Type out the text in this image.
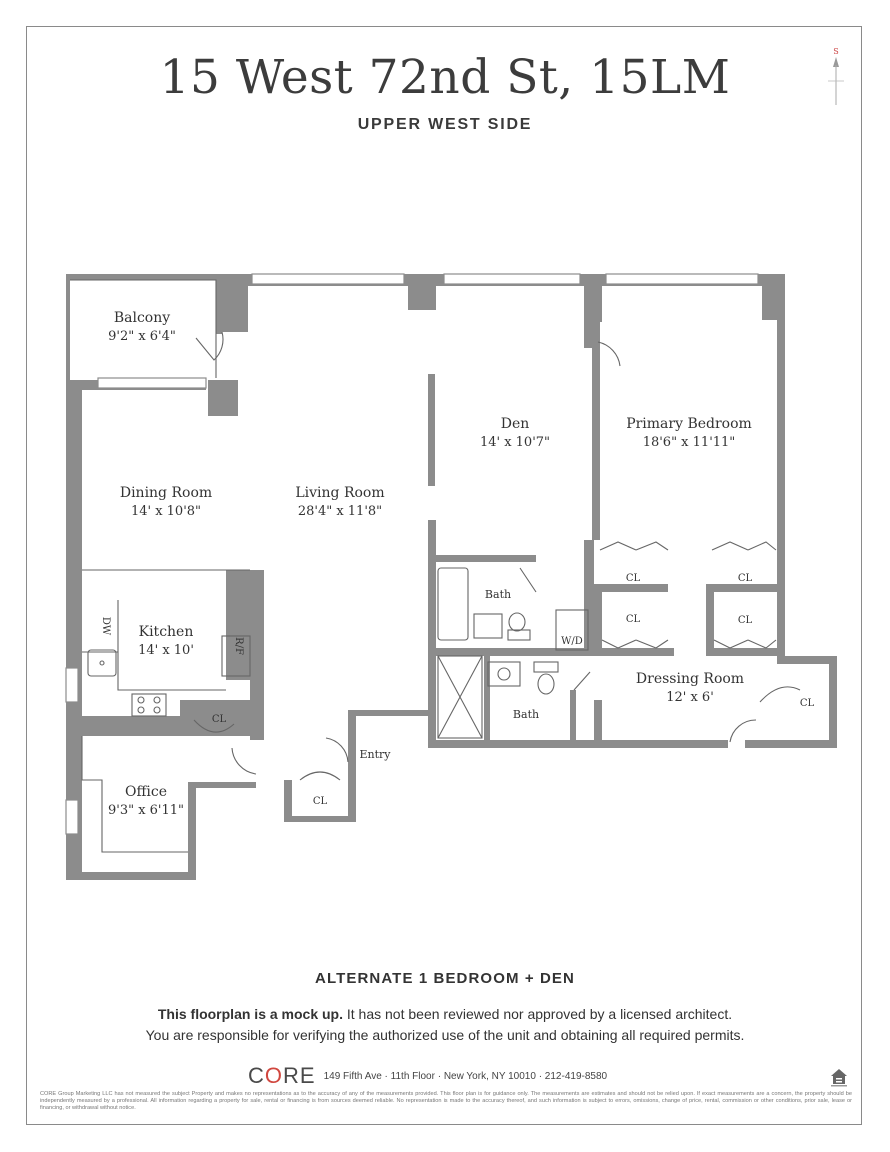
15 West 72nd St, 15LM
UPPER WEST SIDE
S
Balcony
9'2" x 6'4"
Dining Room
14' x 10'8"
Living Room
28'4" x 11'8"
Den
14' x 10'7"
Primary Bedroom
18'6" x 11'11"
Kitchen
14' x 10'
Dressing Room
12' x 6'
Office
9'3" x 6'11"
Bath
Bath
W/D
Entry
CL	CL
CL	CL
CL
CL
CL
DW
R/F
ALTERNATE 1 BEDROOM + DEN
This floorplan is a mock up. It has not been reviewed nor approved by a licensed architect.
You are responsible for verifying the authorized use of the unit and obtaining all required permits.
CORE 149 Fifth Ave · 11th Floor · New York, NY 10010 · 212-419-8580
CORE Group Marketing LLC has not measured the subject Property and makes no representations as to the accuracy of any of the measurements provided. This floor plan is for guidance only. The measurements are estimates and should not be relied upon. If exact measurements are a concern, the property should be independently measured by a professional. All information regarding a property for sale, rental or financing is from sources deemed reliable. No representation is made to the accuracy thereof, and such information is subject to errors, omissions, change of price, rental, commission or other conditions, prior sale, lease or financing, or withdrawal without notice.
